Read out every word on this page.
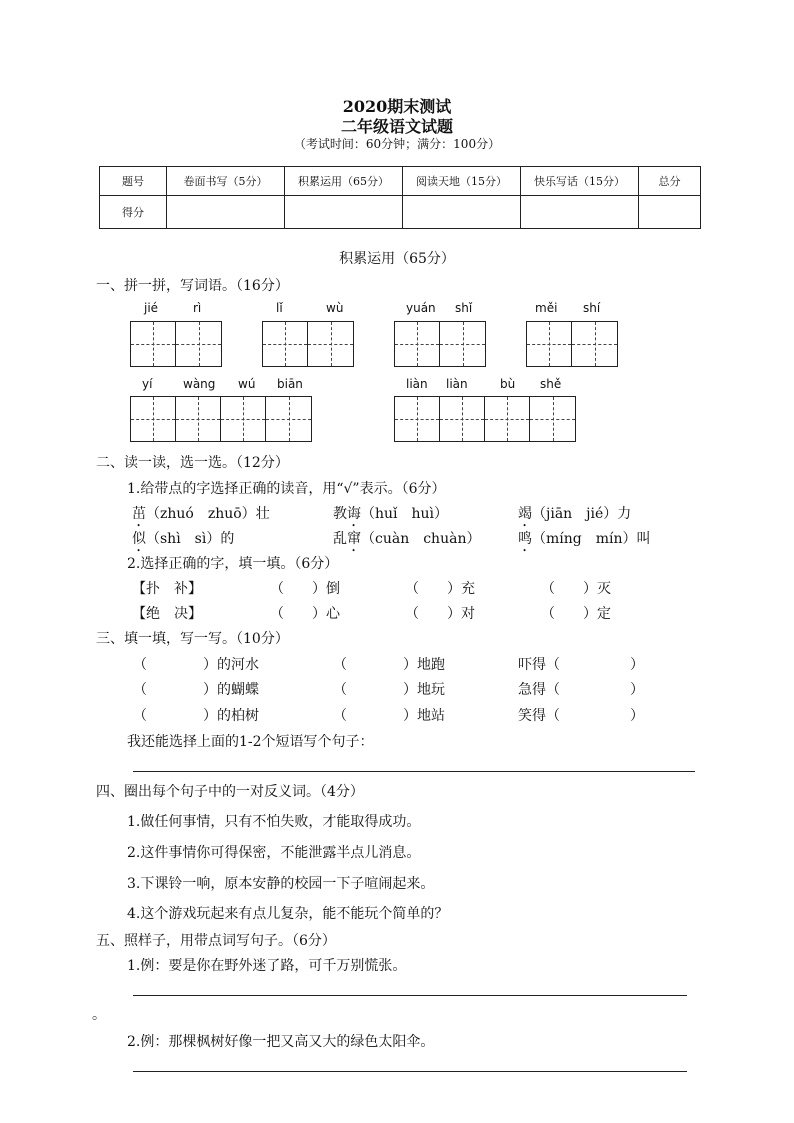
2020期末测试
二年级语文试题
（考试时间：60分钟；满分：100分）
题号	卷面书写（5分）	积累运用（65分）	阅读天地（15分）	快乐写话（15分）	总分
得分					
积累运用（65分）
一、拼一拼，写词语。（16分）
jié	rì	lǐ	wù	yuán shǐ	měi shí
yí	wàng wú biān	liàn liàn	bù shě
二、读一读，选一选。（12分）
1.给带点的字选择正确的读音，用“√”表示。（6分）
茁（zhuó　zhuō）壮	教诲（huǐ　huì）	竭（jiān　jié）力
似（shì　sì）的	乱窜（cuàn　chuàn）	鸣（míng　mín）叫
2.选择正确的字，填一填。（6分）
【扑　补】	（　　）倒	（　　）充	（　　）灭
【绝　决】	（　　）心	（　　）对	（　　）定
三、填一填，写一写。（10分）
（　　　　）的河水	（　　　　）地跑	吓得（　　　　　）
（　　　　）的蝴蝶	（　　　　）地玩	急得（　　　　　）
（　　　　）的柏树	（　　　　）地站	笑得（　　　　　）
我还能选择上面的1-2个短语写个句子：
四、圈出每个句子中的一对反义词。（4分）
1.做任何事情，只有不怕失败，才能取得成功。
2.这件事情你可得保密，不能泄露半点儿消息。
3.下课铃一响，原本安静的校园一下子喧闹起来。
4.这个游戏玩起来有点儿复杂，能不能玩个简单的？
五、照样子，用带点词写句子。（6分）
1.例：要是你在野外迷了路，可千万别慌张。
。
2.例：那棵枫树好像一把又高又大的绿色太阳伞。
